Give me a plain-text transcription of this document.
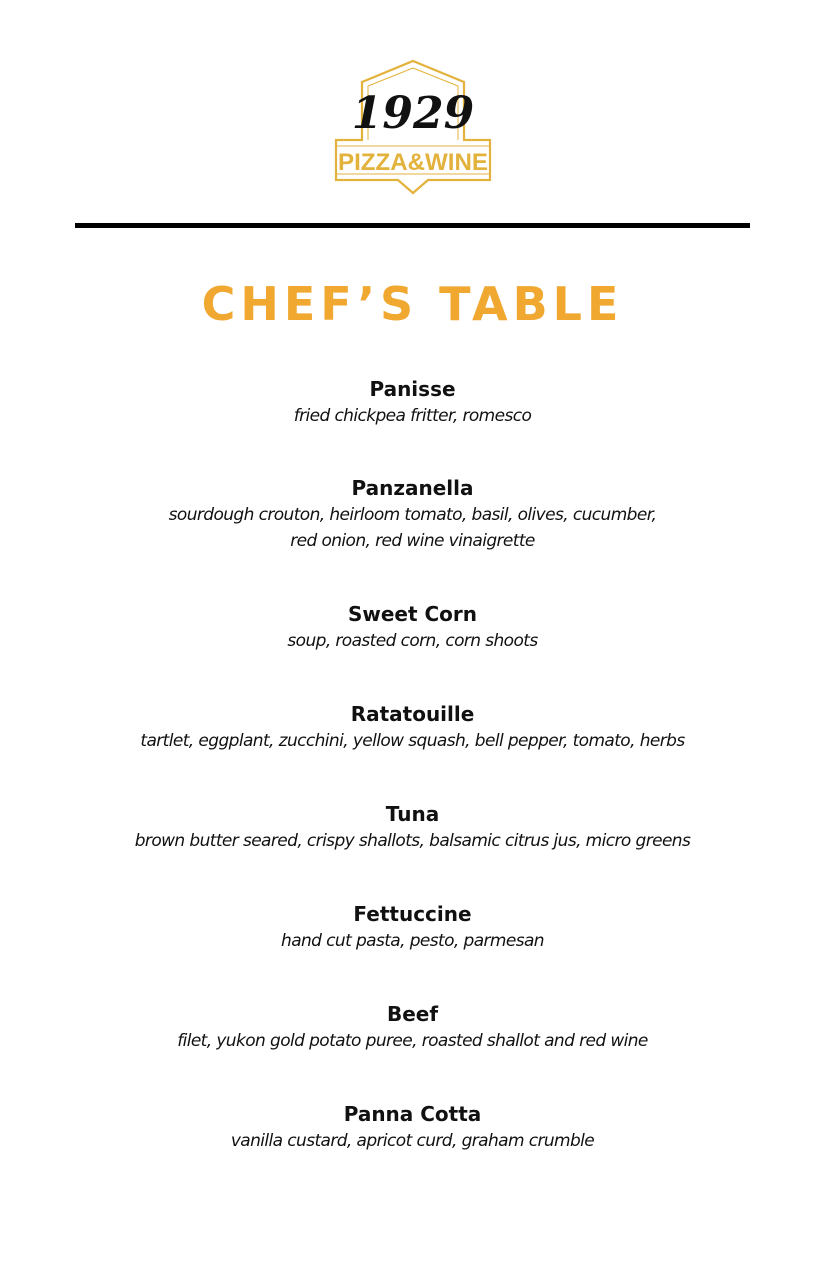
1929
PIZZA&WINE
CHEF’S TABLE
Panisse
fried chickpea fritter, romesco
Panzanella
sourdough crouton, heirloom tomato, basil, olives, cucumber,
red onion, red wine vinaigrette
Sweet Corn
soup, roasted corn, corn shoots
Ratatouille
tartlet, eggplant, zucchini, yellow squash, bell pepper, tomato, herbs
Tuna
brown butter seared, crispy shallots, balsamic citrus jus, micro greens
Fettuccine
hand cut pasta, pesto, parmesan
Beef
filet, yukon gold potato puree, roasted shallot and red wine
Panna Cotta
vanilla custard, apricot curd, graham crumble
